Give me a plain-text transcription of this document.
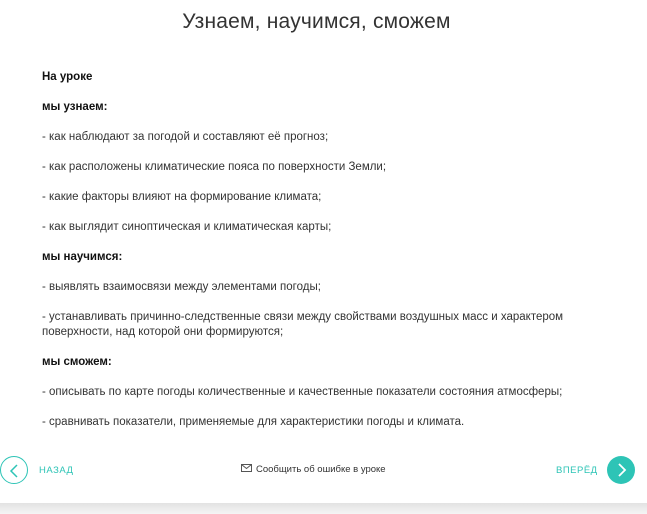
Узнаем, научимся, сможем
На уроке
мы узнаем:
- как наблюдают за погодой и составляют её прогноз;
- как расположены климатические пояса по поверхности Земли;
- какие факторы влияют на формирование климата;
- как выглядит синоптическая и климатическая карты;
мы научимся:
- выявлять взаимосвязи между элементами погоды;
- устанавливать причинно-следственные связи между свойствами воздушных масс и характером поверхности, над которой они формируются;
мы сможем:
- описывать по карте погоды количественные и качественные показатели состояния атмосферы;
- сравнивать показатели, применяемые для характеристики погоды и климата.
НАЗАД	Сообщить об ошибке в уроке	ВПЕРЁД
